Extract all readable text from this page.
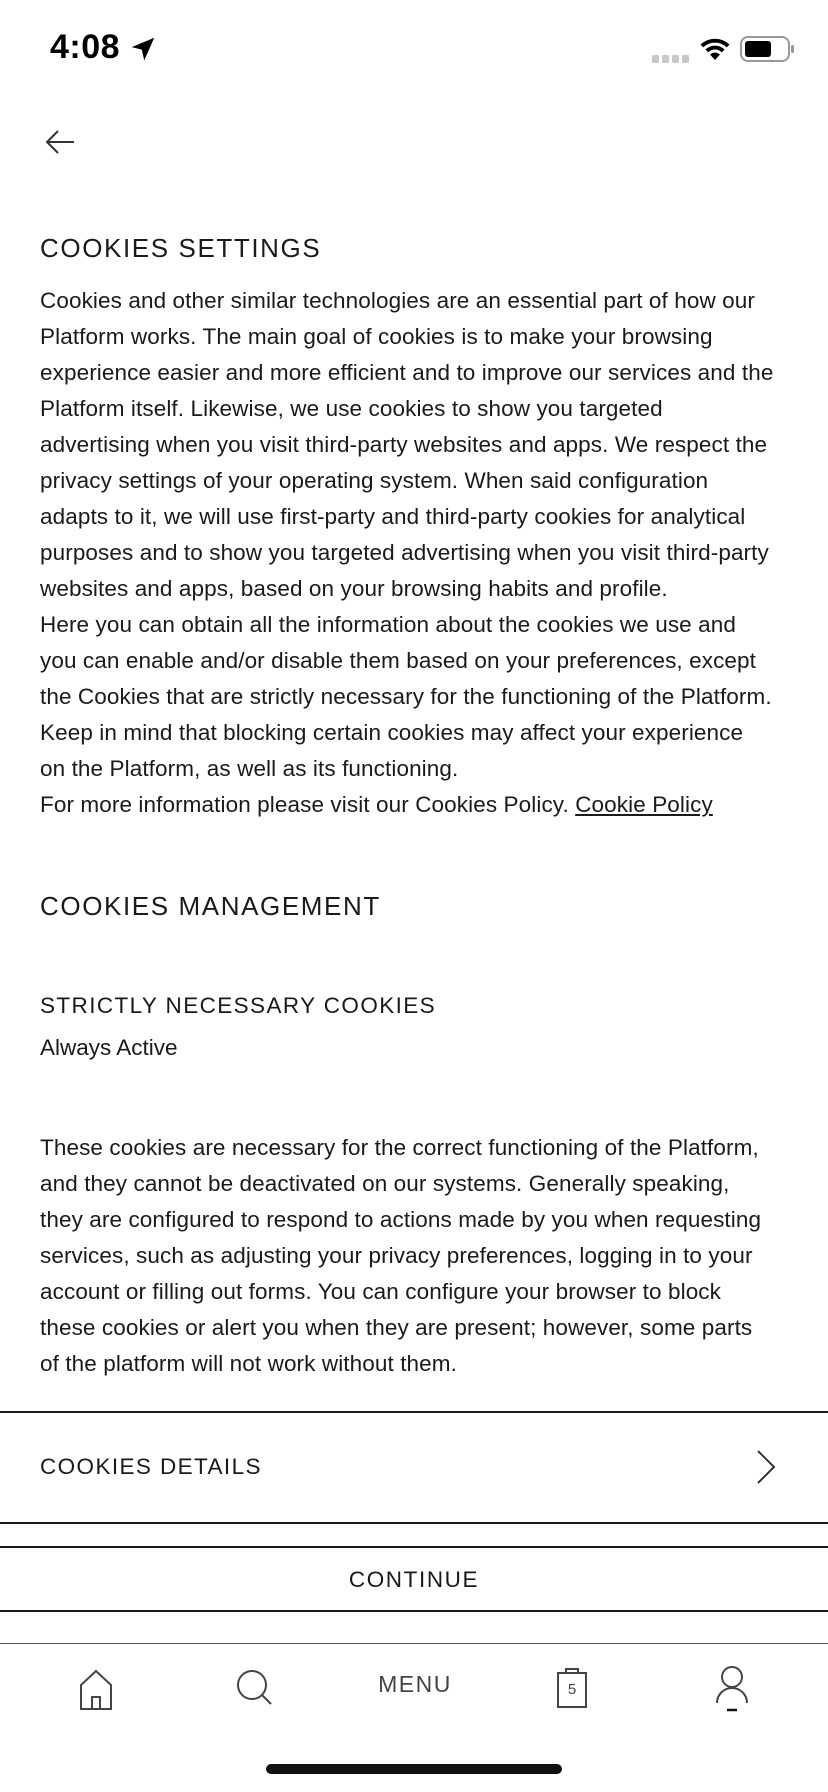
4:08
COOKIES SETTINGS
Cookies and other similar technologies are an essential part of how our
Platform works. The main goal of cookies is to make your browsing
experience easier and more efficient and to improve our services and the
Platform itself. Likewise, we use cookies to show you targeted
advertising when you visit third-party websites and apps. We respect the
privacy settings of your operating system. When said configuration
adapts to it, we will use first-party and third-party cookies for analytical
purposes and to show you targeted advertising when you visit third-party
websites and apps, based on your browsing habits and profile.
Here you can obtain all the information about the cookies we use and
you can enable and/or disable them based on your preferences, except
the Cookies that are strictly necessary for the functioning of the Platform.
Keep in mind that blocking certain cookies may affect your experience
on the Platform, as well as its functioning.
For more information please visit our Cookies Policy. Cookie Policy
COOKIES MANAGEMENT
STRICTLY NECESSARY COOKIES
Always Active
These cookies are necessary for the correct functioning of the Platform,
and they cannot be deactivated on our systems. Generally speaking,
they are configured to respond to actions made by you when requesting
services, such as adjusting your privacy preferences, logging in to your
account or filling out forms. You can configure your browser to block
these cookies or alert you when they are present; however, some parts
of the platform will not work without them.
COOKIES DETAILS
CONTINUE
MENU	5
